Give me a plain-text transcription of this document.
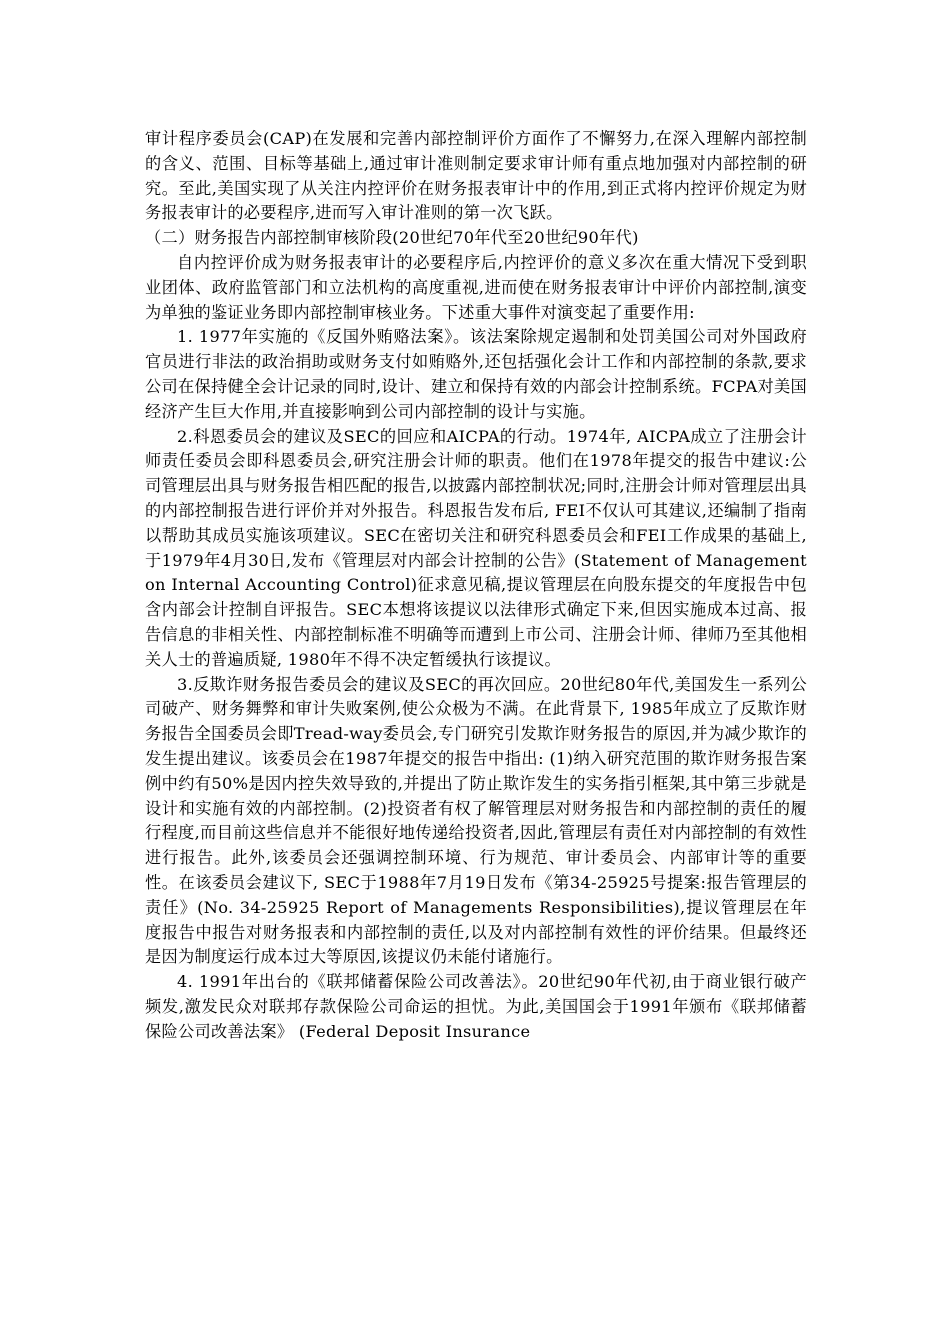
审计程序委员会(CAP)在发展和完善内部控制评价方面作了不懈努力,在深入理解内部控制的含义、范围、目标等基础上,通过审计准则制定要求审计师有重点地加强对内部控制的研究。至此,美国实现了从关注内控评价在财务报表审计中的作用,到正式将内控评价规定为财务报表审计的必要程序,进而写入审计准则的第一次飞跃。

（二）财务报告内部控制审核阶段(20世纪70年代至20世纪90年代)

自内控评价成为财务报表审计的必要程序后,内控评价的意义多次在重大情况下受到职业团体、政府监管部门和立法机构的高度重视,进而使在财务报表审计中评价内部控制,演变为单独的鉴证业务即内部控制审核业务。下述重大事件对演变起了重要作用:

1. 1977年实施的《反国外贿赂法案》。该法案除规定遏制和处罚美国公司对外国政府官员进行非法的政治捐助或财务支付如贿赂外,还包括强化会计工作和内部控制的条款,要求公司在保持健全会计记录的同时,设计、建立和保持有效的内部会计控制系统。FCPA对美国经济产生巨大作用,并直接影响到公司内部控制的设计与实施。

2.科恩委员会的建议及SEC的回应和AICPA的行动。1974年, AICPA成立了注册会计师责任委员会即科恩委员会,研究注册会计师的职责。他们在1978年提交的报告中建议:公司管理层出具与财务报告相匹配的报告,以披露内部控制状况;同时,注册会计师对管理层出具的内部控制报告进行评价并对外报告。科恩报告发布后, FEI不仅认可其建议,还编制了指南以帮助其成员实施该项建议。SEC在密切关注和研究科恩委员会和FEI工作成果的基础上,于1979年4月30日,发布《管理层对内部会计控制的公告》(Statement of Management on Internal Accounting Control)征求意见稿,提议管理层在向股东提交的年度报告中包含内部会计控制自评报告。SEC本想将该提议以法律形式确定下来,但因实施成本过高、报告信息的非相关性、内部控制标准不明确等而遭到上市公司、注册会计师、律师乃至其他相关人士的普遍质疑, 1980年不得不决定暂缓执行该提议。

3.反欺诈财务报告委员会的建议及SEC的再次回应。20世纪80年代,美国发生一系列公司破产、财务舞弊和审计失败案例,使公众极为不满。在此背景下, 1985年成立了反欺诈财务报告全国委员会即Tread-way委员会,专门研究引发欺诈财务报告的原因,并为减少欺诈的发生提出建议。该委员会在1987年提交的报告中指出: (1)纳入研究范围的欺诈财务报告案例中约有50%是因内控失效导致的,并提出了防止欺诈发生的实务指引框架,其中第三步就是设计和实施有效的内部控制。(2)投资者有权了解管理层对财务报告和内部控制的责任的履行程度,而目前这些信息并不能很好地传递给投资者,因此,管理层有责任对内部控制的有效性进行报告。此外,该委员会还强调控制环境、行为规范、审计委员会、内部审计等的重要性。在该委员会建议下, SEC于1988年7月19日发布《第34-25925号提案:报告管理层的责任》(No. 34-25925 Report of Managements Responsibilities),提议管理层在年度报告中报告对财务报表和内部控制的责任,以及对内部控制有效性的评价结果。但最终还是因为制度运行成本过大等原因,该提议仍未能付诸施行。

4. 1991年出台的《联邦储蓄保险公司改善法》。20世纪90年代初,由于商业银行破产频发,激发民众对联邦存款保险公司命运的担忧。为此,美国国会于1991年颁布《联邦储蓄保险公司改善法案》 (Federal Deposit Insurance
